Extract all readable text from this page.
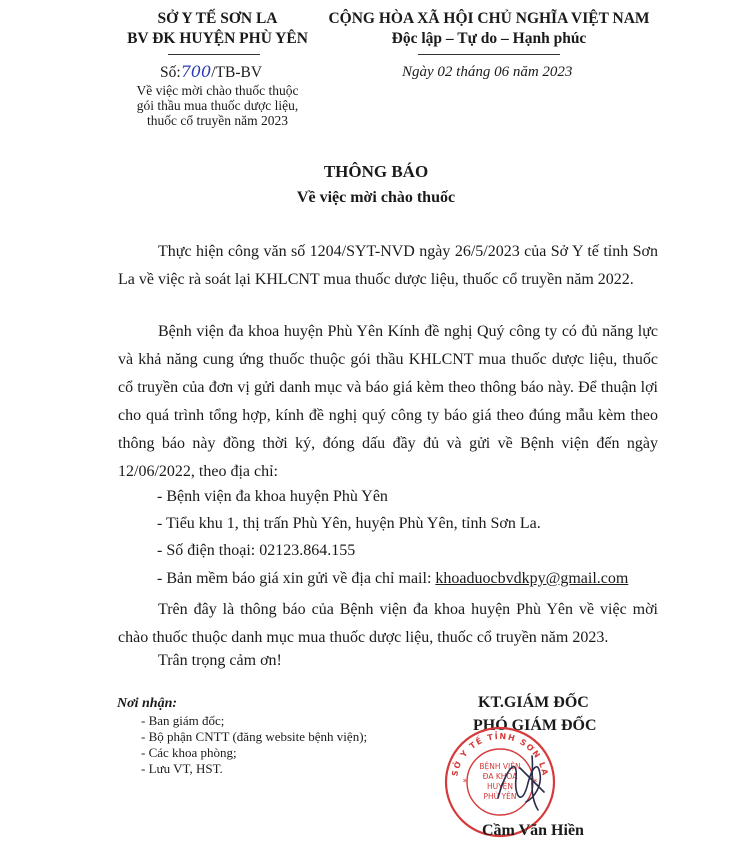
SỞ Y TẾ SƠN LA
BV ĐK HUYỆN PHÙ YÊN
Số:700/TB-BV
Về việc mời chào thuốc thuộc
gói thầu mua thuốc dược liệu,
thuốc cổ truyền năm 2023
CỘNG HÒA XÃ HỘI CHỦ NGHĨA VIỆT NAM
Độc lập – Tự do – Hạnh phúc
Ngày 02 tháng 06 năm 2023
THÔNG BÁO
Về việc mời chào thuốc
Thực hiện công văn số 1204/SYT-NVD ngày 26/5/2023 của Sở Y tế tỉnh Sơn La về việc rà soát lại KHLCNT mua thuốc dược liệu, thuốc cổ truyền năm 2022.
Bệnh viện đa khoa huyện Phù Yên Kính đề nghị Quý công ty có đủ năng lực và khả năng cung ứng thuốc thuộc gói thầu KHLCNT mua thuốc dược liệu, thuốc cổ truyền của đơn vị gửi danh mục và báo giá kèm theo thông báo này. Để thuận lợi cho quá trình tổng hợp, kính đề nghị quý công ty báo giá theo đúng mẫu kèm theo thông báo này đồng thời ký, đóng dấu đầy đủ và gửi về Bệnh viện đến ngày 12/06/2022, theo địa chỉ:
- Bệnh viện đa khoa huyện Phù Yên
- Tiểu khu 1, thị trấn Phù Yên, huyện Phù Yên, tỉnh Sơn La.
- Số điện thoại: 02123.864.155
- Bản mềm báo giá xin gửi về địa chỉ mail: khoaduocbvdkpy@gmail.com
Trên đây là thông báo của Bệnh viện đa khoa huyện Phù Yên về việc mời chào thuốc thuộc danh mục mua thuốc dược liệu, thuốc cổ truyền năm 2023.
Trân trọng cảm ơn!
Nơi nhận:
- Ban giám đốc;
- Bộ phận CNTT (đăng website bệnh viện);
- Các khoa phòng;
- Lưu VT, HST.
KT.GIÁM ĐỐC
PHÓ GIÁM ĐỐC
SỞ Y TẾ TỈNH SƠN LA
BỆNH VIỆN
ĐA KHOA
HUYỆN
PHÙ YÊN
*	*
Cầm Văn Hiền
